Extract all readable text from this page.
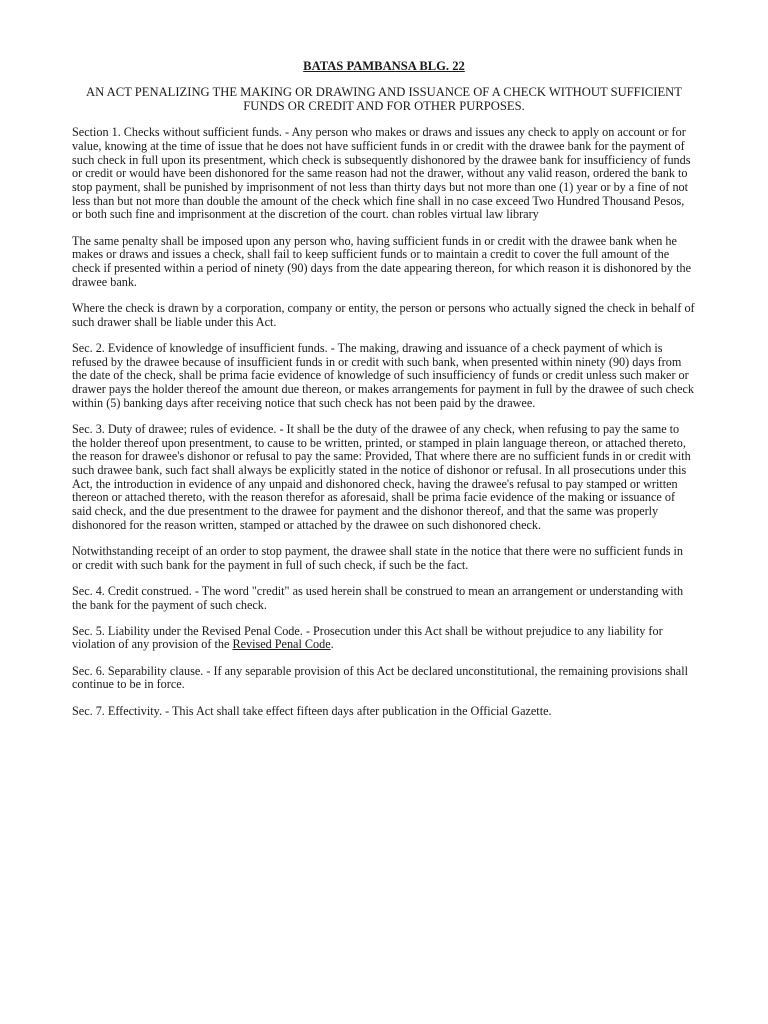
BATAS PAMBANSA BLG. 22
AN ACT PENALIZING THE MAKING OR DRAWING AND ISSUANCE OF A CHECK WITHOUT SUFFICIENT FUNDS OR CREDIT AND FOR OTHER PURPOSES.

Section 1. Checks without sufficient funds. - Any person who makes or draws and issues any check to apply on account or for value, knowing at the time of issue that he does not have sufficient funds in or credit with the drawee bank for the payment of such check in full upon its presentment, which check is subsequently dishonored by the drawee bank for insufficiency of funds or credit or would have been dishonored for the same reason had not the drawer, without any valid reason, ordered the bank to stop payment, shall be punished by imprisonment of not less than thirty days but not more than one (1) year or by a fine of not less than but not more than double the amount of the check which fine shall in no case exceed Two Hundred Thousand Pesos, or both such fine and imprisonment at the discretion of the court. chan robles virtual law library

The same penalty shall be imposed upon any person who, having sufficient funds in or credit with the drawee bank when he makes or draws and issues a check, shall fail to keep sufficient funds or to maintain a credit to cover the full amount of the check if presented within a period of ninety (90) days from the date appearing thereon, for which reason it is dishonored by the drawee bank.

Where the check is drawn by a corporation, company or entity, the person or persons who actually signed the check in behalf of such drawer shall be liable under this Act.

Sec. 2. Evidence of knowledge of insufficient funds. - The making, drawing and issuance of a check payment of which is refused by the drawee because of insufficient funds in or credit with such bank, when presented within ninety (90) days from the date of the check, shall be prima facie evidence of knowledge of such insufficiency of funds or credit unless such maker or drawer pays the holder thereof the amount due thereon, or makes arrangements for payment in full by the drawee of such check within (5) banking days after receiving notice that such check has not been paid by the drawee.

Sec. 3. Duty of drawee; rules of evidence. - It shall be the duty of the drawee of any check, when refusing to pay the same to the holder thereof upon presentment, to cause to be written, printed, or stamped in plain language thereon, or attached thereto, the reason for drawee's dishonor or refusal to pay the same: Provided, That where there are no sufficient funds in or credit with such drawee bank, such fact shall always be explicitly stated in the notice of dishonor or refusal. In all prosecutions under this Act, the introduction in evidence of any unpaid and dishonored check, having the drawee's refusal to pay stamped or written thereon or attached thereto, with the reason therefor as aforesaid, shall be prima facie evidence of the making or issuance of said check, and the due presentment to the drawee for payment and the dishonor thereof, and that the same was properly dishonored for the reason written, stamped or attached by the drawee on such dishonored check.

Notwithstanding receipt of an order to stop payment, the drawee shall state in the notice that there were no sufficient funds in or credit with such bank for the payment in full of such check, if such be the fact.

Sec. 4. Credit construed. - The word "credit" as used herein shall be construed to mean an arrangement or understanding with the bank for the payment of such check.

Sec. 5. Liability under the Revised Penal Code. - Prosecution under this Act shall be without prejudice to any liability for violation of any provision of the Revised Penal Code.

Sec. 6. Separability clause. - If any separable provision of this Act be declared unconstitutional, the remaining provisions shall continue to be in force.

Sec. 7. Effectivity. - This Act shall take effect fifteen days after publication in the Official Gazette.
